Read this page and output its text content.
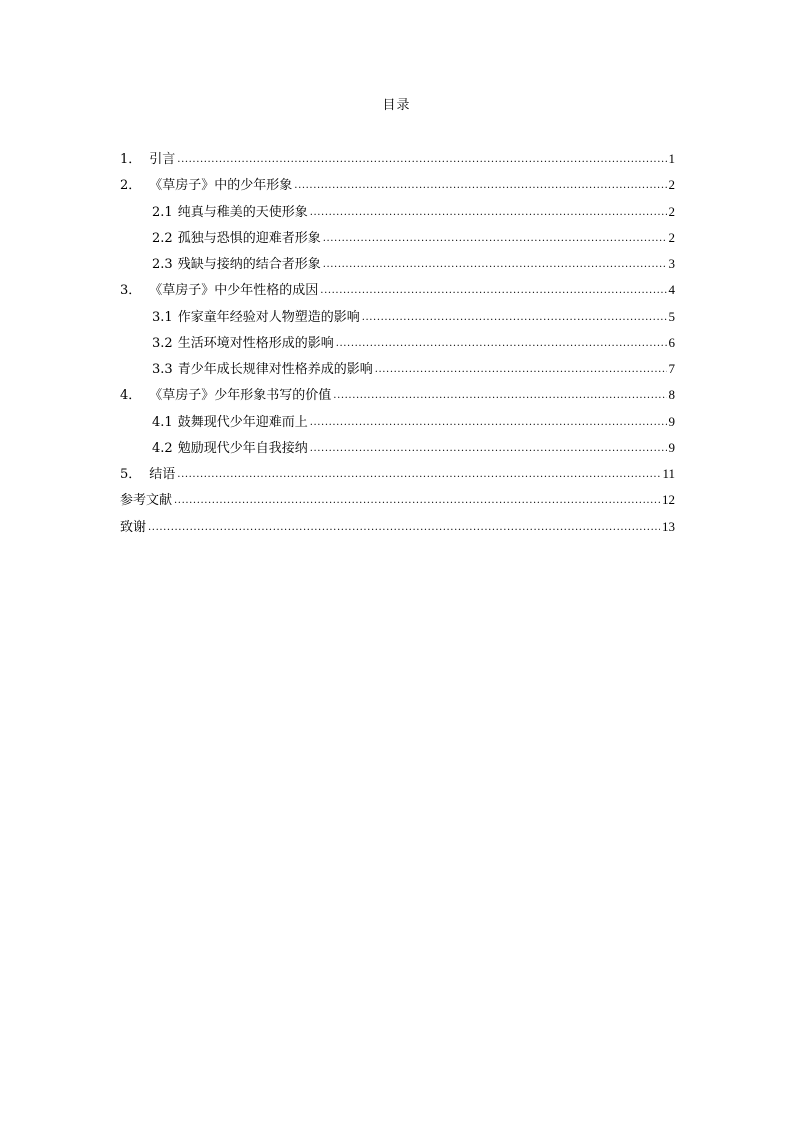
目录
1． 引言 .....	1
2． 《草房子》中的少年形象 .....	2
2.1 纯真与稚美的天使形象 .....	2
2.2 孤独与恐惧的迎难者形象 .....	2
2.3 残缺与接纳的结合者形象 .....	3
3． 《草房子》中少年性格的成因 .....	4
3.1 作家童年经验对人物塑造的影响 .....	5
3.2 生活环境对性格形成的影响 .....	6
3.3 青少年成长规律对性格养成的影响 .....	7
4． 《草房子》少年形象书写的价值 .....	8
4.1 鼓舞现代少年迎难而上 .....	9
4.2 勉励现代少年自我接纳 .....	9
5． 结语 .....	11
参考文献 .....	12
致谢 .....	13
